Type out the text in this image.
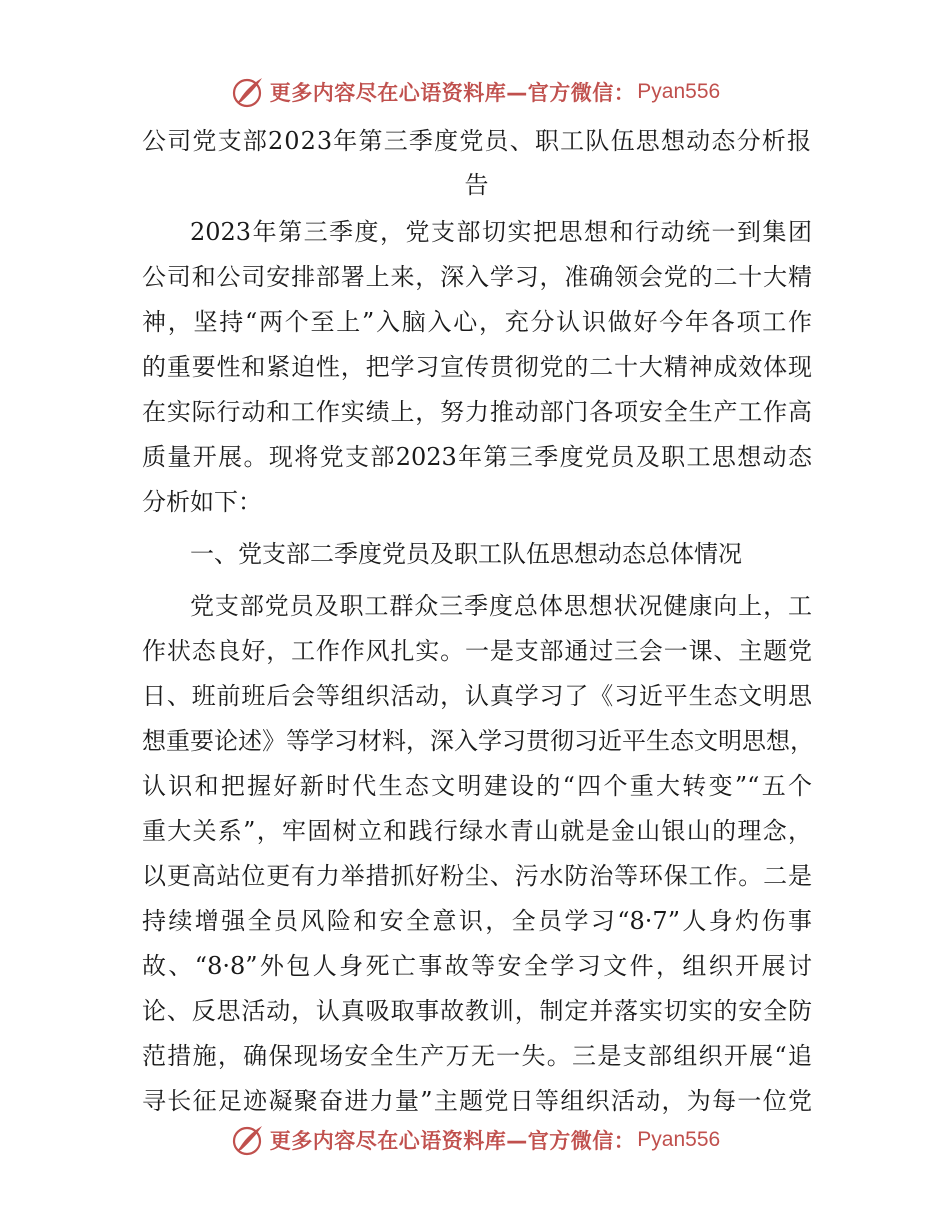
更多内容尽在心语资料库—官方微信： Pyan556
公司党支部2023年第三季度党员、职工队伍思想动态分析报告
2023年第三季度，党支部切实把思想和行动统一到集团
公司和公司安排部署上来，深入学习，准确领会党的二十大精
神，坚持“两个至上”入脑入心，充分认识做好今年各项工作
的重要性和紧迫性，把学习宣传贯彻党的二十大精神成效体现
在实际行动和工作实绩上，努力推动部门各项安全生产工作高
质量开展。现将党支部2023年第三季度党员及职工思想动态
分析如下：
一、党支部二季度党员及职工队伍思想动态总体情况
党支部党员及职工群众三季度总体思想状况健康向上，工
作状态良好，工作作风扎实。一是支部通过三会一课、主题党
日、班前班后会等组织活动，认真学习了《习近平生态文明思
想重要论述》等学习材料，深入学习贯彻习近平生态文明思想，
认识和把握好新时代生态文明建设的“四个重大转变”“五个
重大关系”，牢固树立和践行绿水青山就是金山银山的理念，
以更高站位更有力举措抓好粉尘、污水防治等环保工作。二是
持续增强全员风险和安全意识，全员学习“8·7”人身灼伤事
故、“8·8”外包人身死亡事故等安全学习文件，组织开展讨
论、反思活动，认真吸取事故教训，制定并落实切实的安全防
范措施，确保现场安全生产万无一失。三是支部组织开展“追
寻长征足迹凝聚奋进力量”主题党日等组织活动，为每一位党
更多内容尽在心语资料库—官方微信： Pyan556
